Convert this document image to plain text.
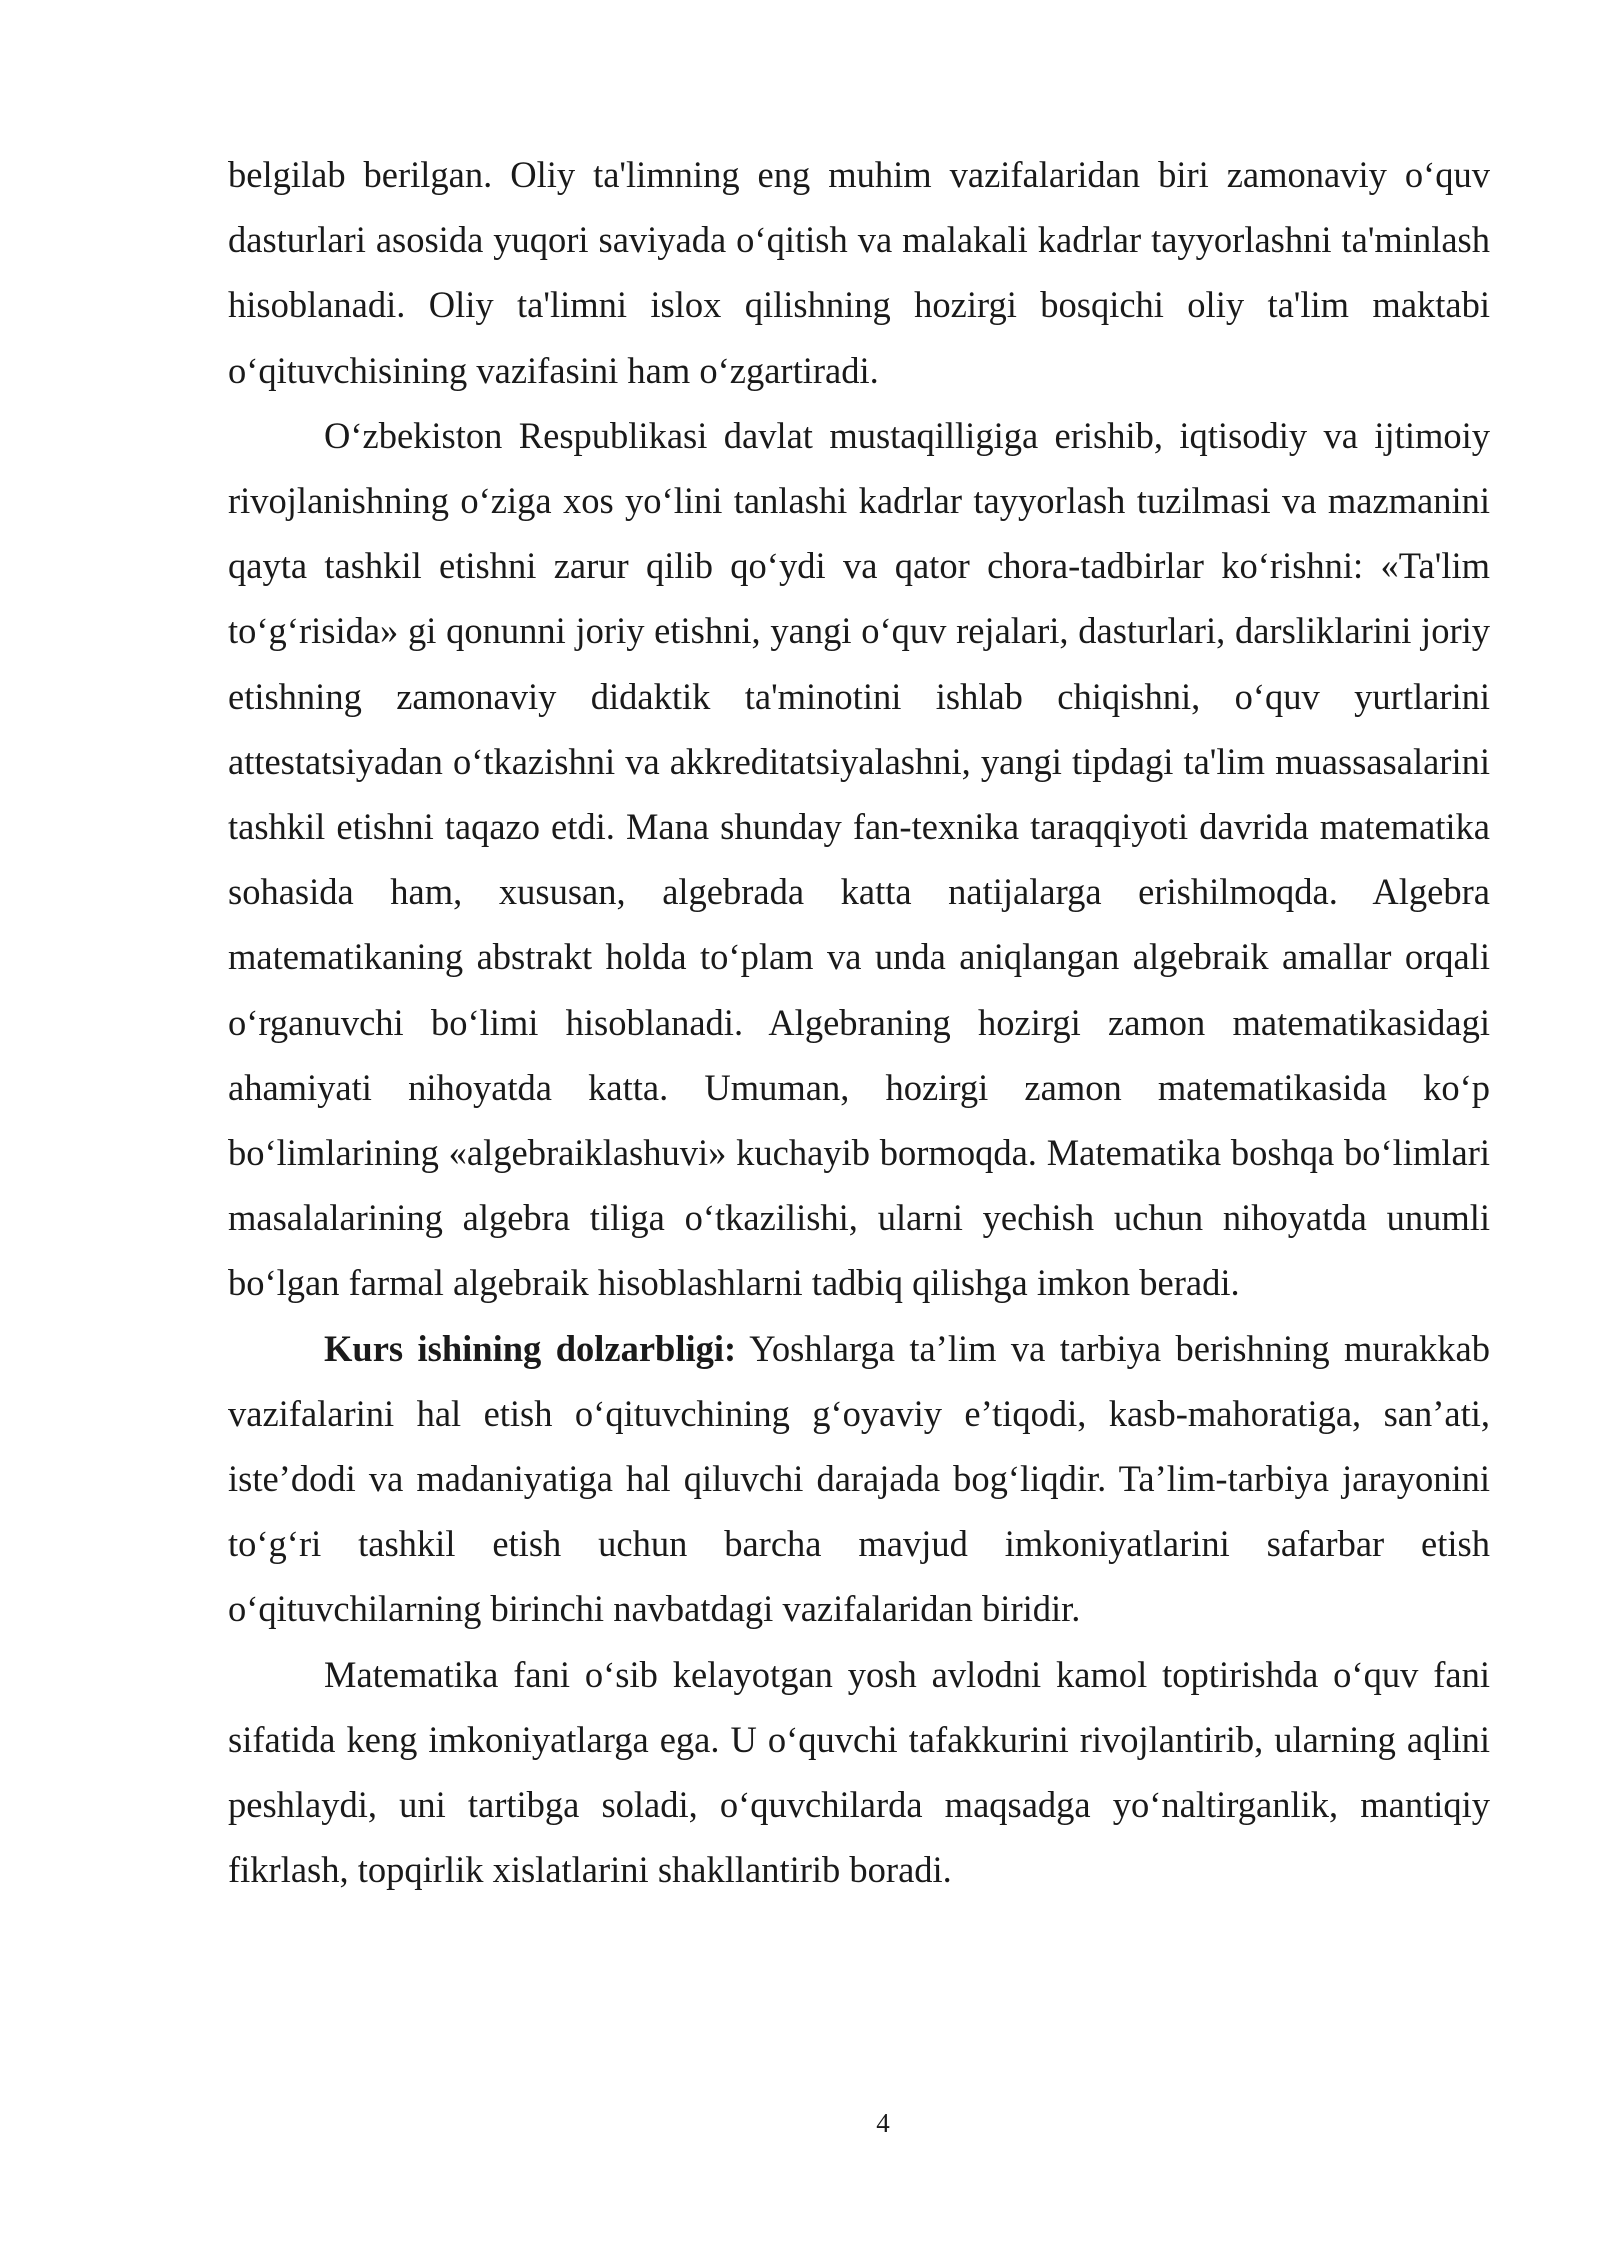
belgilab berilgan. Oliy ta'limning eng muhim vazifalaridan biri zamonaviy o‘quv dasturlari asosida yuqori saviyada o‘qitish va malakali kadrlar tayyorlashni ta'minlash hisoblanadi. Oliy ta'limni islox qilishning hozirgi bosqichi oliy ta'lim maktabi o‘qituvchisining vazifasini ham o‘zgartiradi.

O‘zbekiston Respublikasi davlat mustaqilligiga erishib, iqtisodiy va ijtimoiy rivojlanishning o‘ziga xos yo‘lini tanlashi kadrlar tayyorlash tuzilmasi va mazmanini qayta tashkil etishni zarur qilib qo‘ydi va qator chora-tadbirlar ko‘rishni: «Ta'lim to‘g‘risida» gi qonunni joriy etishni, yangi o‘quv rejalari, dasturlari, darsliklarini joriy etishning zamonaviy didaktik ta'minotini ishlab chiqishni, o‘quv yurtlarini attestatsiyadan o‘tkazishni va akkreditatsiyalashni, yangi tipdagi ta'lim muassasalarini tashkil etishni taqazo etdi. Mana shunday fan-texnika taraqqiyoti davrida matematika sohasida ham, xususan, algebrada katta natijalarga erishilmoqda. Algebra matematikaning abstrakt holda to‘plam va unda aniqlangan algebraik amallar orqali o‘rganuvchi bo‘limi hisoblanadi. Algebraning hozirgi zamon matematikasidagi ahamiyati nihoyatda katta. Umuman, hozirgi zamon matematikasida ko‘p bo‘limlarining «algebraiklashuvi» kuchayib bormoqda. Matematika boshqa bo‘limlari masalalarining algebra tiliga o‘tkazilishi, ularni yechish uchun nihoyatda unumli bo‘lgan farmal algebraik hisoblashlarni tadbiq qilishga imkon beradi.

Kurs ishining dolzarbligi: Yoshlarga ta’lim va tarbiya berishning murakkab vazifalarini hal etish o‘qituvchining g‘oyaviy e’tiqodi, kasb-mahoratiga, san’ati, iste’dodi va madaniyatiga hal qiluvchi darajada bog‘liqdir. Ta’lim-tarbiya jarayonini to‘g‘ri tashkil etish uchun barcha mavjud imkoniyatlarini safarbar etish o‘qituvchilarning birinchi navbatdagi vazifalaridan biridir.

Matematika fani o‘sib kelayotgan yosh avlodni kamol toptirishda o‘quv fani sifatida keng imkoniyatlarga ega. U o‘quvchi tafakkurini rivojlantirib, ularning aqlini peshlaydi, uni tartibga soladi, o‘quvchilarda maqsadga yo‘naltirganlik, mantiqiy fikrlash, topqirlik xislatlarini shakllantirib boradi.

4
